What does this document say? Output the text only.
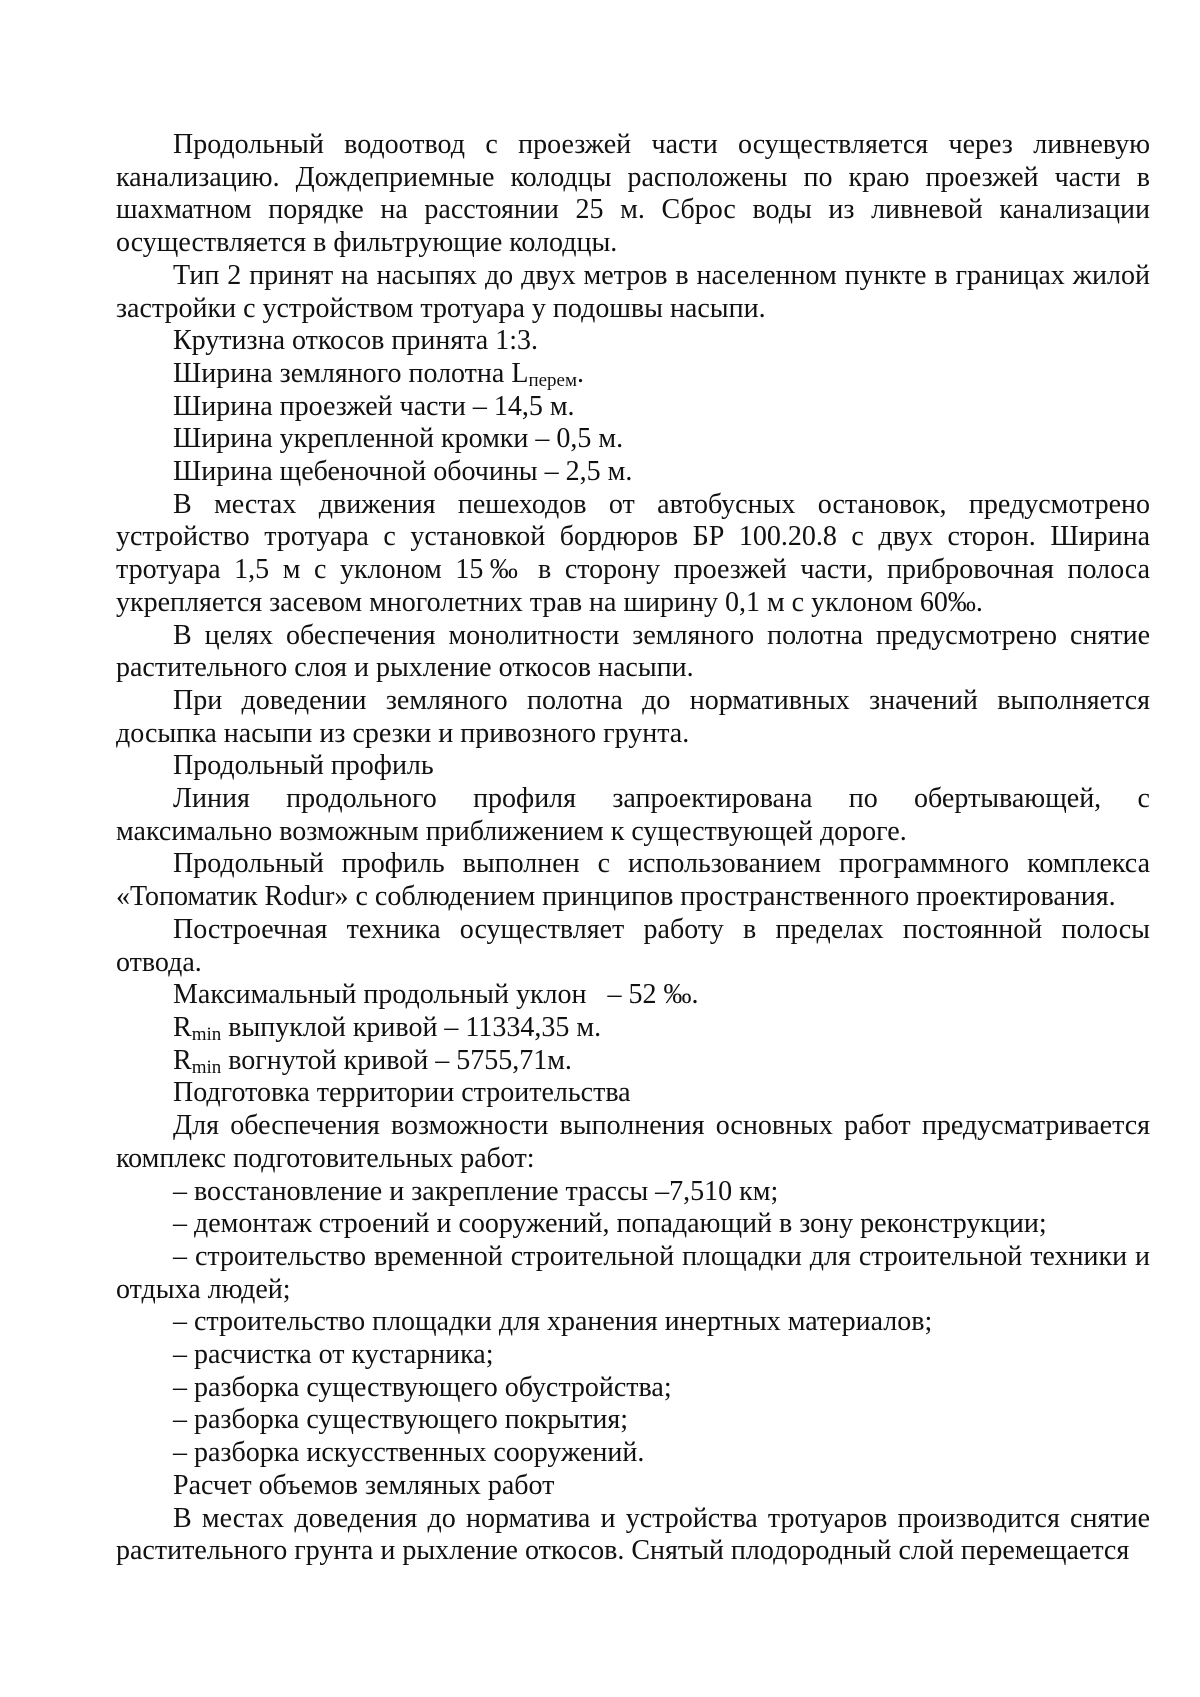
Продольный водоотвод с проезжей части осуществляется через ливневую канализацию. Дождеприемные колодцы расположены по краю проезжей части в шахматном порядке на расстоянии 25 м. Сброс воды из ливневой канализации осуществляется в фильтрующие колодцы.

Тип 2 принят на насыпях до двух метров в населенном пункте в границах жилой застройки с устройством тротуара у подошвы насыпи.

Крутизна откосов принята 1:3.

Ширина земляного полотна $L_{перем}$.

Ширина проезжей части – 14,5 м.

Ширина укрепленной кромки – 0,5 м.

Ширина щебеночной обочины – 2,5 м.

В местах движения пешеходов от автобусных остановок, предусмотрено устройство тротуара с установкой бордюров БР 100.20.8 с двух сторон. Ширина тротуара 1,5 м с уклоном 15‰ в сторону проезжей части, прибровочная полоса укрепляется засевом многолетних трав на ширину 0,1 м с уклоном 60‰.

В целях обеспечения монолитности земляного полотна предусмотрено снятие растительного слоя и рыхление откосов насыпи.

При доведении земляного полотна до нормативных значений выполняется досыпка насыпи из срезки и привозного грунта.

Продольный профиль

Линия продольного профиля запроектирована по обертывающей, с

максимально возможным приближением к существующей дороге.

Продольный профиль выполнен с использованием программного комплекса «Топоматик Rodur» с соблюдением принципов пространственного проектирования.

Построечная техника осуществляет работу в пределах постоянной полосы отвода.

Максимальный продольный уклон – 52 ‰.

$R_{min}$ выпуклой кривой – 11334,35 м.

$R_{min}$ вогнутой кривой – 5755,71м.

Подготовка территории строительства

Для обеспечения возможности выполнения основных работ предусматривается комплекс подготовительных работ:

– восстановление и закрепление трассы –7,510 км;

– демонтаж строений и сооружений, попадающий в зону реконструкции;

– строительство временной строительной площадки для строительной техники и отдыха людей;

– строительство площадки для хранения инертных материалов;

– расчистка от кустарника;

– разборка существующего обустройства;

– разборка существующего покрытия;

– разборка искусственных сооружений.

Расчет объемов земляных работ

В местах доведения до норматива и устройства тротуаров производится снятие растительного грунта и рыхление откосов. Снятый плодородный слой перемещается
